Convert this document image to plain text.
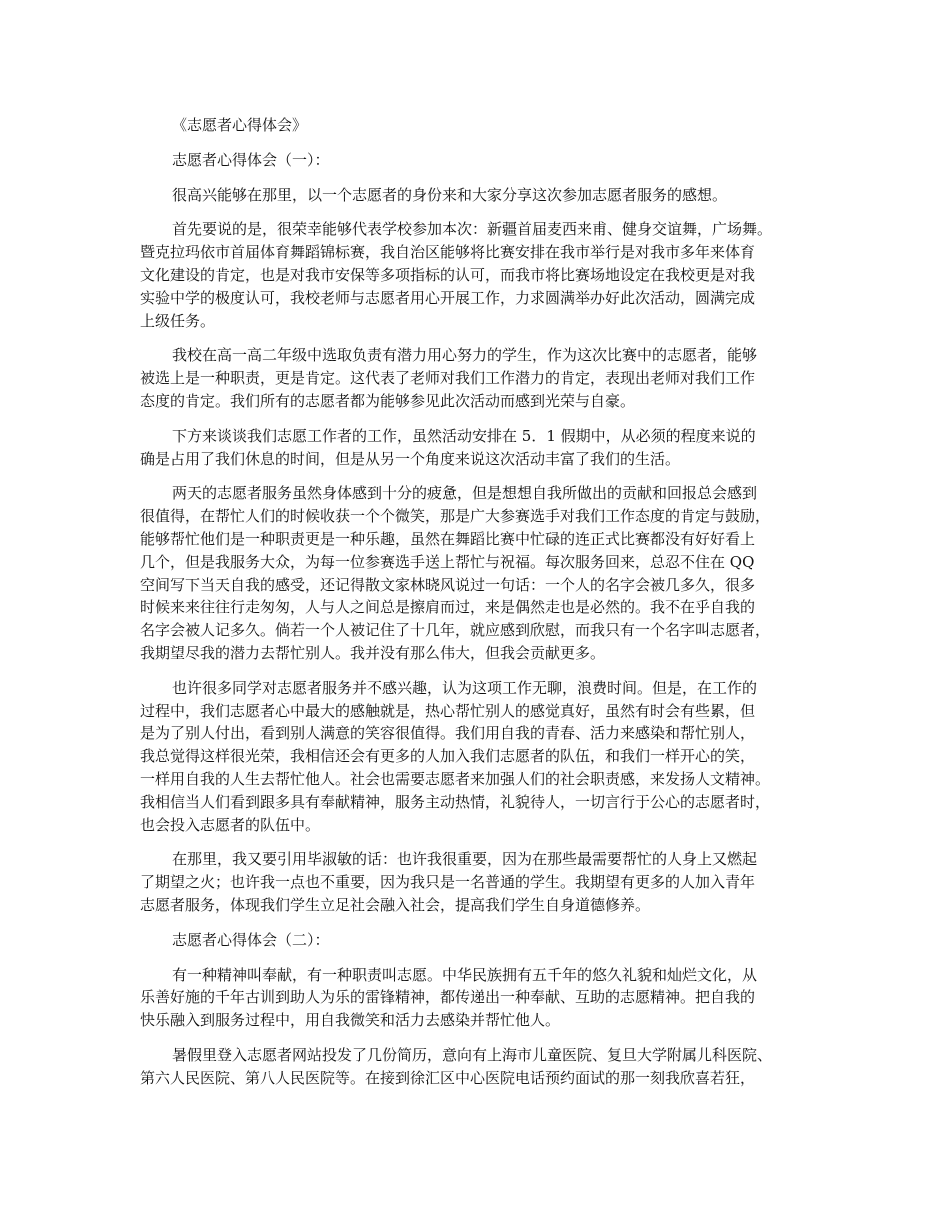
《志愿者心得体会》

志愿者心得体会（一）：

很高兴能够在那里，以一个志愿者的身份来和大家分享这次参加志愿者服务的感想。

首先要说的是，很荣幸能够代表学校参加本次：新疆首届麦西来甫、健身交谊舞，广场舞。
暨克拉玛依市首届体育舞蹈锦标赛，我自治区能够将比赛安排在我市举行是对我市多年来体育
文化建设的肯定，也是对我市安保等多项指标的认可，而我市将比赛场地设定在我校更是对我
实验中学的极度认可，我校老师与志愿者用心开展工作，力求圆满举办好此次活动，圆满完成
上级任务。

我校在高一高二年级中选取负责有潜力用心努力的学生，作为这次比赛中的志愿者，能够
被选上是一种职责，更是肯定。这代表了老师对我们工作潜力的肯定，表现出老师对我们工作
态度的肯定。我们所有的志愿者都为能够参见此次活动而感到光荣与自豪。

下方来谈谈我们志愿工作者的工作，虽然活动安排在 5．1 假期中，从必须的程度来说的
确是占用了我们休息的时间，但是从另一个角度来说这次活动丰富了我们的生活。

两天的志愿者服务虽然身体感到十分的疲惫，但是想想自我所做出的贡献和回报总会感到
很值得，在帮忙人们的时候收获一个个微笑，那是广大参赛选手对我们工作态度的肯定与鼓励，
能够帮忙他们是一种职责更是一种乐趣，虽然在舞蹈比赛中忙碌的连正式比赛都没有好好看上
几个，但是我服务大众，为每一位参赛选手送上帮忙与祝福。每次服务回来，总忍不住在 QQ
空间写下当天自我的感受，还记得散文家林晓风说过一句话：一个人的名字会被几多久，很多
时候来来往往行走匆匆，人与人之间总是擦肩而过，来是偶然走也是必然的。我不在乎自我的
名字会被人记多久。倘若一个人被记住了十几年，就应感到欣慰，而我只有一个名字叫志愿者，
我期望尽我的潜力去帮忙别人。我并没有那么伟大，但我会贡献更多。

也许很多同学对志愿者服务并不感兴趣，认为这项工作无聊，浪费时间。但是，在工作的
过程中，我们志愿者心中最大的感触就是，热心帮忙别人的感觉真好，虽然有时会有些累，但
是为了别人付出，看到别人满意的笑容很值得。我们用自我的青春、活力来感染和帮忙别人，
我总觉得这样很光荣，我相信还会有更多的人加入我们志愿者的队伍，和我们一样开心的笑，
一样用自我的人生去帮忙他人。社会也需要志愿者来加强人们的社会职责感，来发扬人文精神。
我相信当人们看到跟多具有奉献精神，服务主动热情，礼貌待人，一切言行于公心的志愿者时，
也会投入志愿者的队伍中。

在那里，我又要引用毕淑敏的话：也许我很重要，因为在那些最需要帮忙的人身上又燃起
了期望之火；也许我一点也不重要，因为我只是一名普通的学生。我期望有更多的人加入青年
志愿者服务，体现我们学生立足社会融入社会，提高我们学生自身道德修养。

志愿者心得体会（二）：

有一种精神叫奉献，有一种职责叫志愿。中华民族拥有五千年的悠久礼貌和灿烂文化，从
乐善好施的千年古训到助人为乐的雷锋精神，都传递出一种奉献、互助的志愿精神。把自我的
快乐融入到服务过程中，用自我微笑和活力去感染并帮忙他人。

暑假里登入志愿者网站投发了几份简历，意向有上海市儿童医院、复旦大学附属儿科医院、
第六人民医院、第八人民医院等。在接到徐汇区中心医院电话预约面试的那一刻我欣喜若狂，
